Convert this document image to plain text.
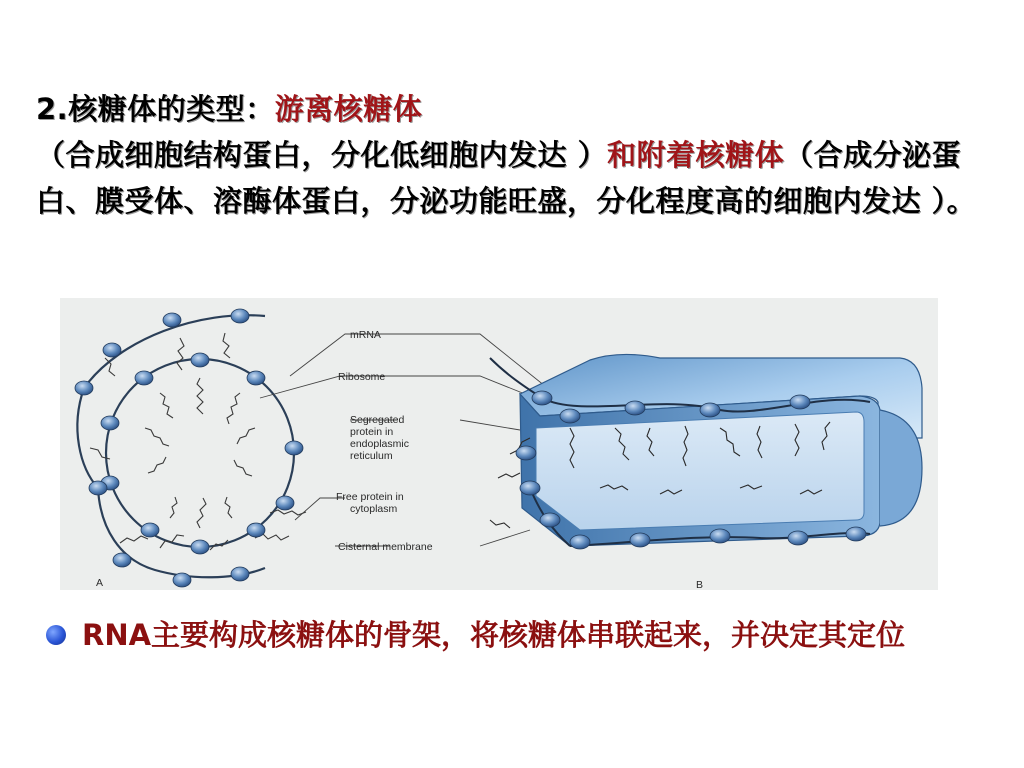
2.核糖体的类型：游离核糖体（合成细胞结构蛋白，分化低细胞内发达 ）和附着核糖体（合成分泌蛋白、膜受体、溶酶体蛋白，分泌功能旺盛，分化程度高的细胞内发达 ）。
mRNA
Ribosome
Segregated
protein in
endoplasmic
reticulum
Free protein in
cytoplasm
Cisternal membrane
A	B
RNA主要构成核糖体的骨架，将核糖体串联起来，并决定其定位
